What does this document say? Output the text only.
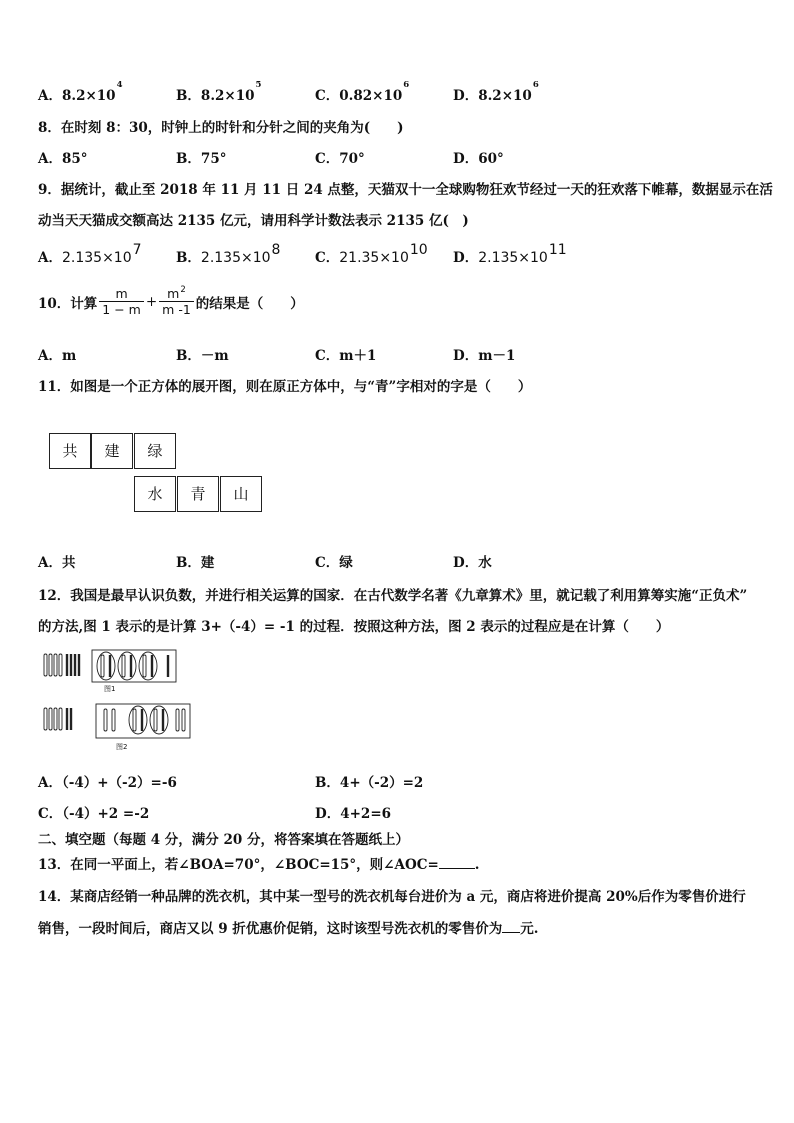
A．$8.2\times 10^4$
B．$8.2\times 10^5$
C．$0.82\times 10^6$
D．$8.2\times 10^6$
8．在时刻 8：30，时钟上的时针和分针之间的夹角为(　　)
A．85°	B．75°	C．70°	D．60°
9．据统计，截止至 2018 年 11 月 11 日 24 点整，天猫双十一全球购物狂欢节经过一天的狂欢落下帷幕，数据显示在活
动当天天猫成交额高达 2135 亿元，请用科学计数法表示 2135 亿(　)
A．$2.135\times 10^7$	B．$2.135\times 10^8$	C．$21.35\times 10^{10}$ D．$2.135\times 10^{11}$
10．计算 $\frac{m}{1 - m} + \frac{m^2}{m -1}$ 的结果是（　　）
A．m	B．－m	C．m＋1	D．m－1
11．如图是一个正方体的展开图，则在原正方体中，与“青”字相对的字是（　　）
共	建	绿
水	青	山
A．共	B．建	C．绿	D．水
12．我国是最早认识负数，并进行相关运算的国家．在古代数学名著《九章算术》里，就记载了利用算筹实施“正负术”
的方法,图 1 表示的是计算 3+（-4）= -1 的过程．按照这种方法，图 2 表示的过程应是在计算（　　）
图1
图2
A．（-4）+（-2）=-6	B．4+（-2）=2
C．（-4）+2 =-2	D．4+2=6
二、填空题（每题 4 分，满分 20 分，将答案填在答题纸上）
13．在同一平面上，若∠BOA=70°，∠BOC=15°，则∠AOC=	.
14．某商店经销一种品牌的洗衣机，其中某一型号的洗衣机每台进价为 a 元，商店将进价提高 20%后作为零售价进行
销售，一段时间后，商店又以 9 折优惠价促销，这时该型号洗衣机的零售价为 元.
